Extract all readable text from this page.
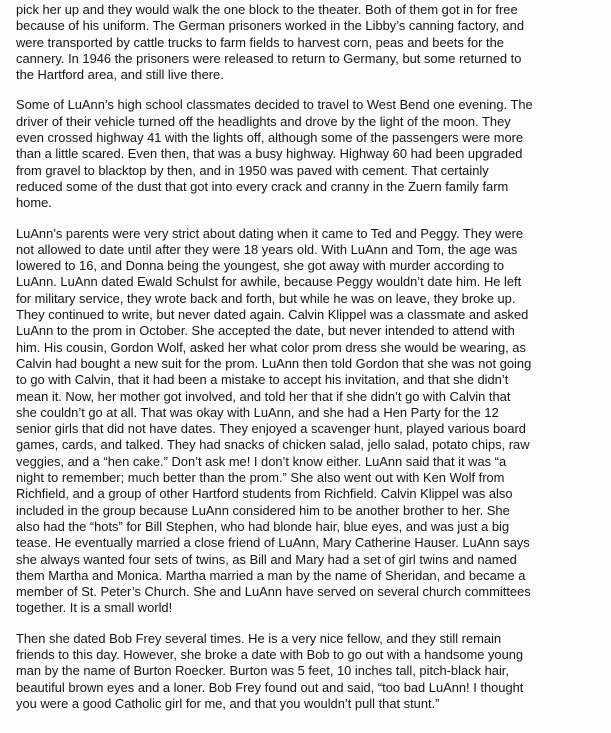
pick her up and they would walk the one block to the theater. Both of them got in for free
because of his uniform. The German prisoners worked in the Libby’s canning factory, and
were transported by cattle trucks to farm fields to harvest corn, peas and beets for the
cannery. In 1946 the prisoners were released to return to Germany, but some returned to
the Hartford area, and still live there.

Some of LuAnn’s high school classmates decided to travel to West Bend one evening. The
driver of their vehicle turned off the headlights and drove by the light of the moon. They
even crossed highway 41 with the lights off, although some of the passengers were more
than a little scared. Even then, that was a busy highway. Highway 60 had been upgraded
from gravel to blacktop by then, and in 1950 was paved with cement. That certainly
reduced some of the dust that got into every crack and cranny in the Zuern family farm
home.

LuAnn’s parents were very strict about dating when it came to Ted and Peggy. They were
not allowed to date until after they were 18 years old. With LuAnn and Tom, the age was
lowered to 16, and Donna being the youngest, she got away with murder according to
LuAnn. LuAnn dated Ewald Schulst for awhile, because Peggy wouldn’t date him. He left
for military service, they wrote back and forth, but while he was on leave, they broke up.
They continued to write, but never dated again. Calvin Klippel was a classmate and asked
LuAnn to the prom in October. She accepted the date, but never intended to attend with
him. His cousin, Gordon Wolf, asked her what color prom dress she would be wearing, as
Calvin had bought a new suit for the prom. LuAnn then told Gordon that she was not going
to go with Calvin, that it had been a mistake to accept his invitation, and that she didn’t
mean it. Now, her mother got involved, and told her that if she didn’t go with Calvin that
she couldn’t go at all. That was okay with LuAnn, and she had a Hen Party for the 12
senior girls that did not have dates. They enjoyed a scavenger hunt, played various board
games, cards, and talked. They had snacks of chicken salad, jello salad, potato chips, raw
veggies, and a “hen cake.” Don’t ask me! I don’t know either. LuAnn said that it was “a
night to remember; much better than the prom.” She also went out with Ken Wolf from
Richfield, and a group of other Hartford students from Richfield. Calvin Klippel was also
included in the group because LuAnn considered him to be another brother to her. She
also had the “hots” for Bill Stephen, who had blonde hair, blue eyes, and was just a big
tease. He eventually married a close friend of LuAnn, Mary Catherine Hauser. LuAnn says
she always wanted four sets of twins, as Bill and Mary had a set of girl twins and named
them Martha and Monica. Martha married a man by the name of Sheridan, and became a
member of St. Peter’s Church. She and LuAnn have served on several church committees
together. It is a small world!

Then she dated Bob Frey several times. He is a very nice fellow, and they still remain
friends to this day. However, she broke a date with Bob to go out with a handsome young
man by the name of Burton Roecker. Burton was 5 feet, 10 inches tall, pitch-black hair,
beautiful brown eyes and a loner. Bob Frey found out and said, “too bad LuAnn! I thought
you were a good Catholic girl for me, and that you wouldn’t pull that stunt.”
